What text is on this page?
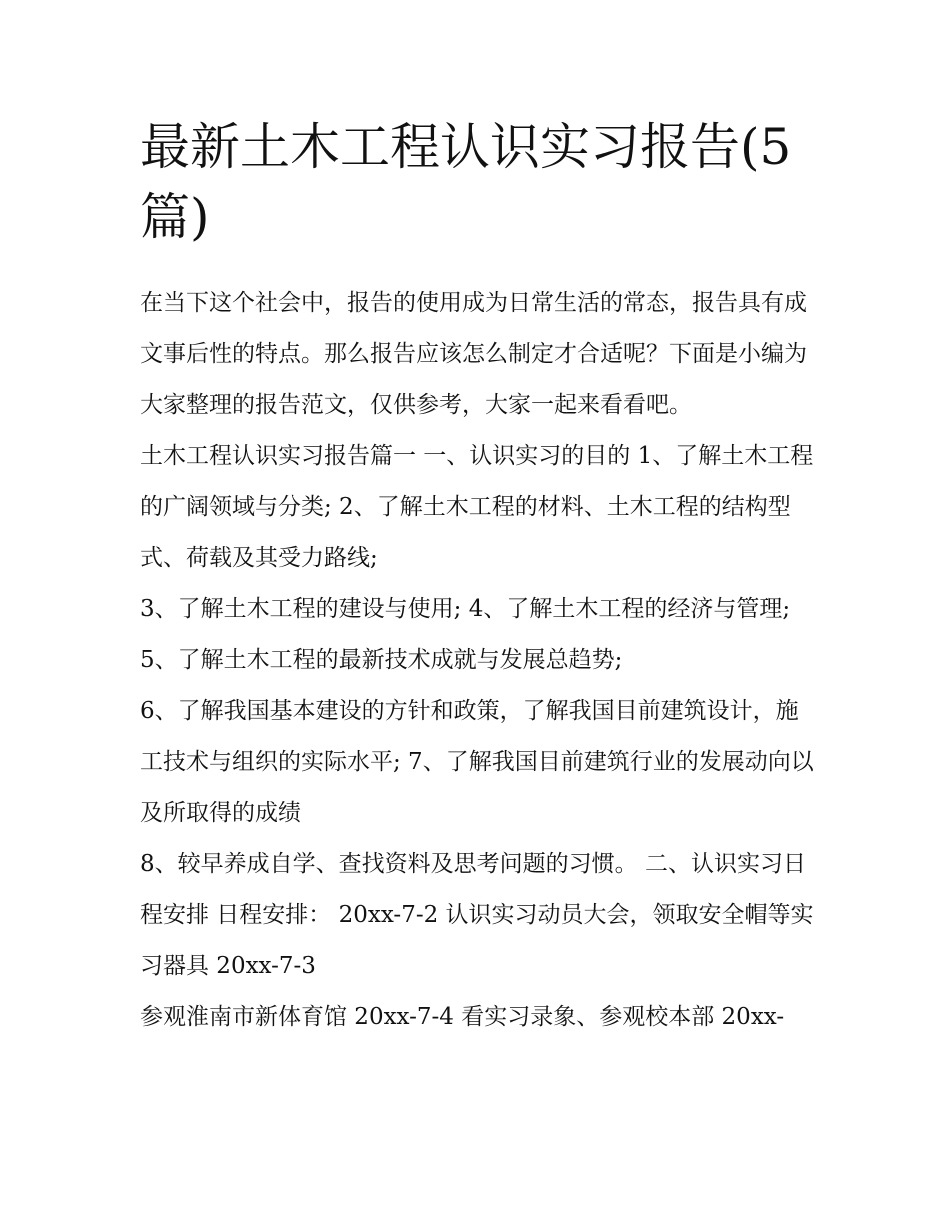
最新土木工程认识实习报告(5篇)

在当下这个社会中，报告的使用成为日常生活的常态，报告具有成文事后性的特点。那么报告应该怎么制定才合适呢？下面是小编为大家整理的报告范文，仅供参考，大家一起来看看吧。

土木工程认识实习报告篇一 一、认识实习的目的 1、了解土木工程的广阔领域与分类; 2、了解土木工程的材料、土木工程的结构型式、荷载及其受力路线;

3、了解土木工程的建设与使用; 4、了解土木工程的经济与管理; 5、了解土木工程的最新技术成就与发展总趋势;

6、了解我国基本建设的方针和政策，了解我国目前建筑设计，施工技术与组织的实际水平; 7、了解我国目前建筑行业的发展动向以及所取得的成绩

8、较早养成自学、查找资料及思考问题的习惯。 二、认识实习日程安排 日程安排： 20xx-7-2 认识实习动员大会，领取安全帽等实习器具 20xx-7-3

参观淮南市新体育馆 20xx-7-4 看实习录象、参观校本部 20xx-
